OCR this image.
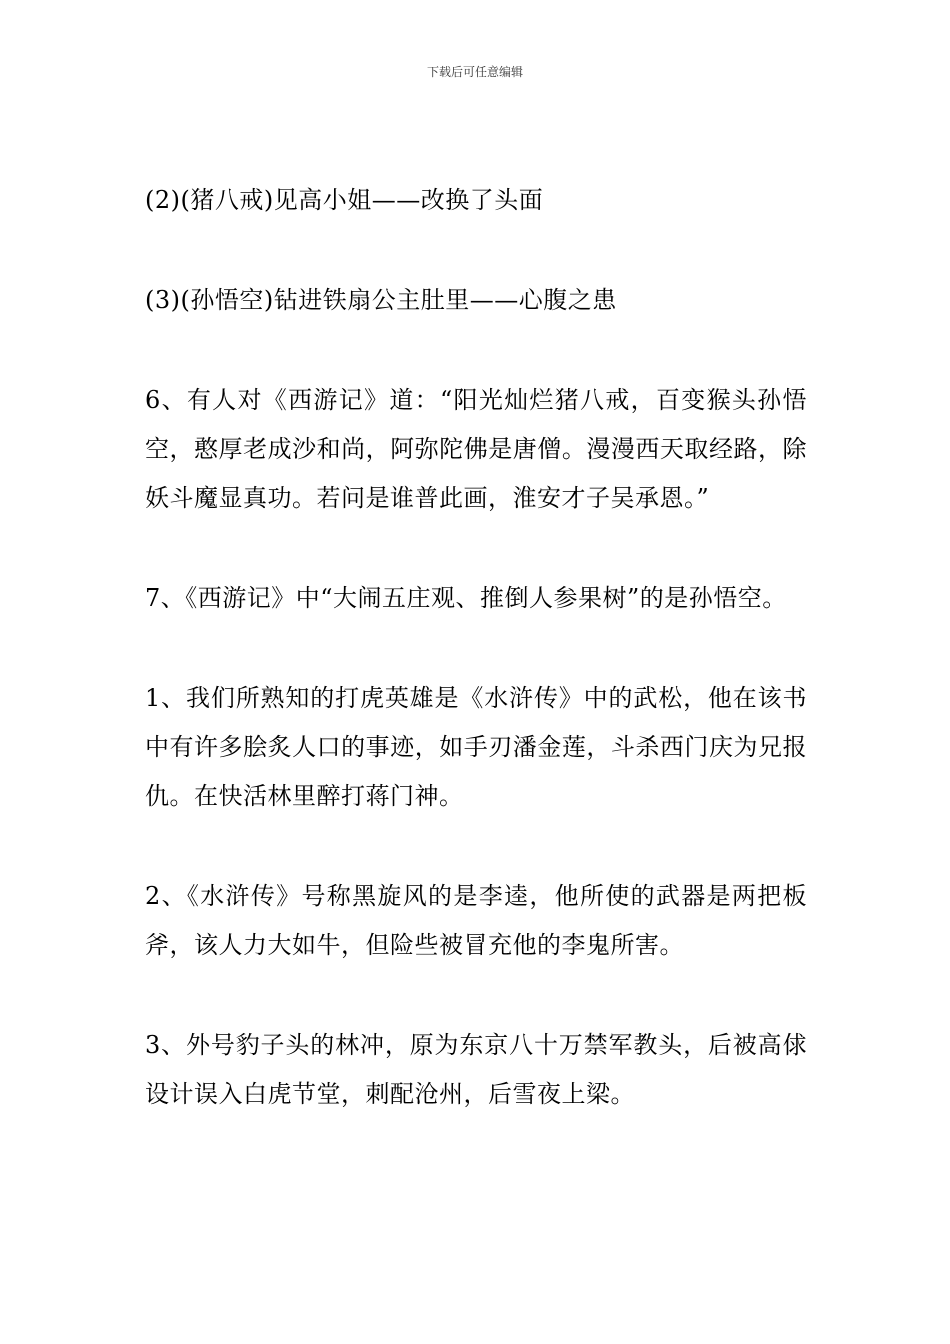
下载后可任意编辑

(2)(猪八戒)见高小姐——改换了头面

(3)(孙悟空)钻进铁扇公主肚里——心腹之患

6、有人对《西游记》道：“阳光灿烂猪八戒，百变猴头孙悟空，憨厚老成沙和尚，阿弥陀佛是唐僧。漫漫西天取经路，除妖斗魔显真功。若问是谁普此画，淮安才子吴承恩。”

7、《西游记》中“大闹五庄观、推倒人参果树”的是孙悟空。

1、我们所熟知的打虎英雄是《水浒传》中的武松，他在该书中有许多脍炙人口的事迹，如手刃潘金莲，斗杀西门庆为兄报仇。在快活林里醉打蒋门神。

2、《水浒传》号称黑旋风的是李逵，他所使的武器是两把板斧，该人力大如牛，但险些被冒充他的李鬼所害。

3、外号豹子头的林冲，原为东京八十万禁军教头，后被高俅设计误入白虎节堂，刺配沧州，后雪夜上梁。
